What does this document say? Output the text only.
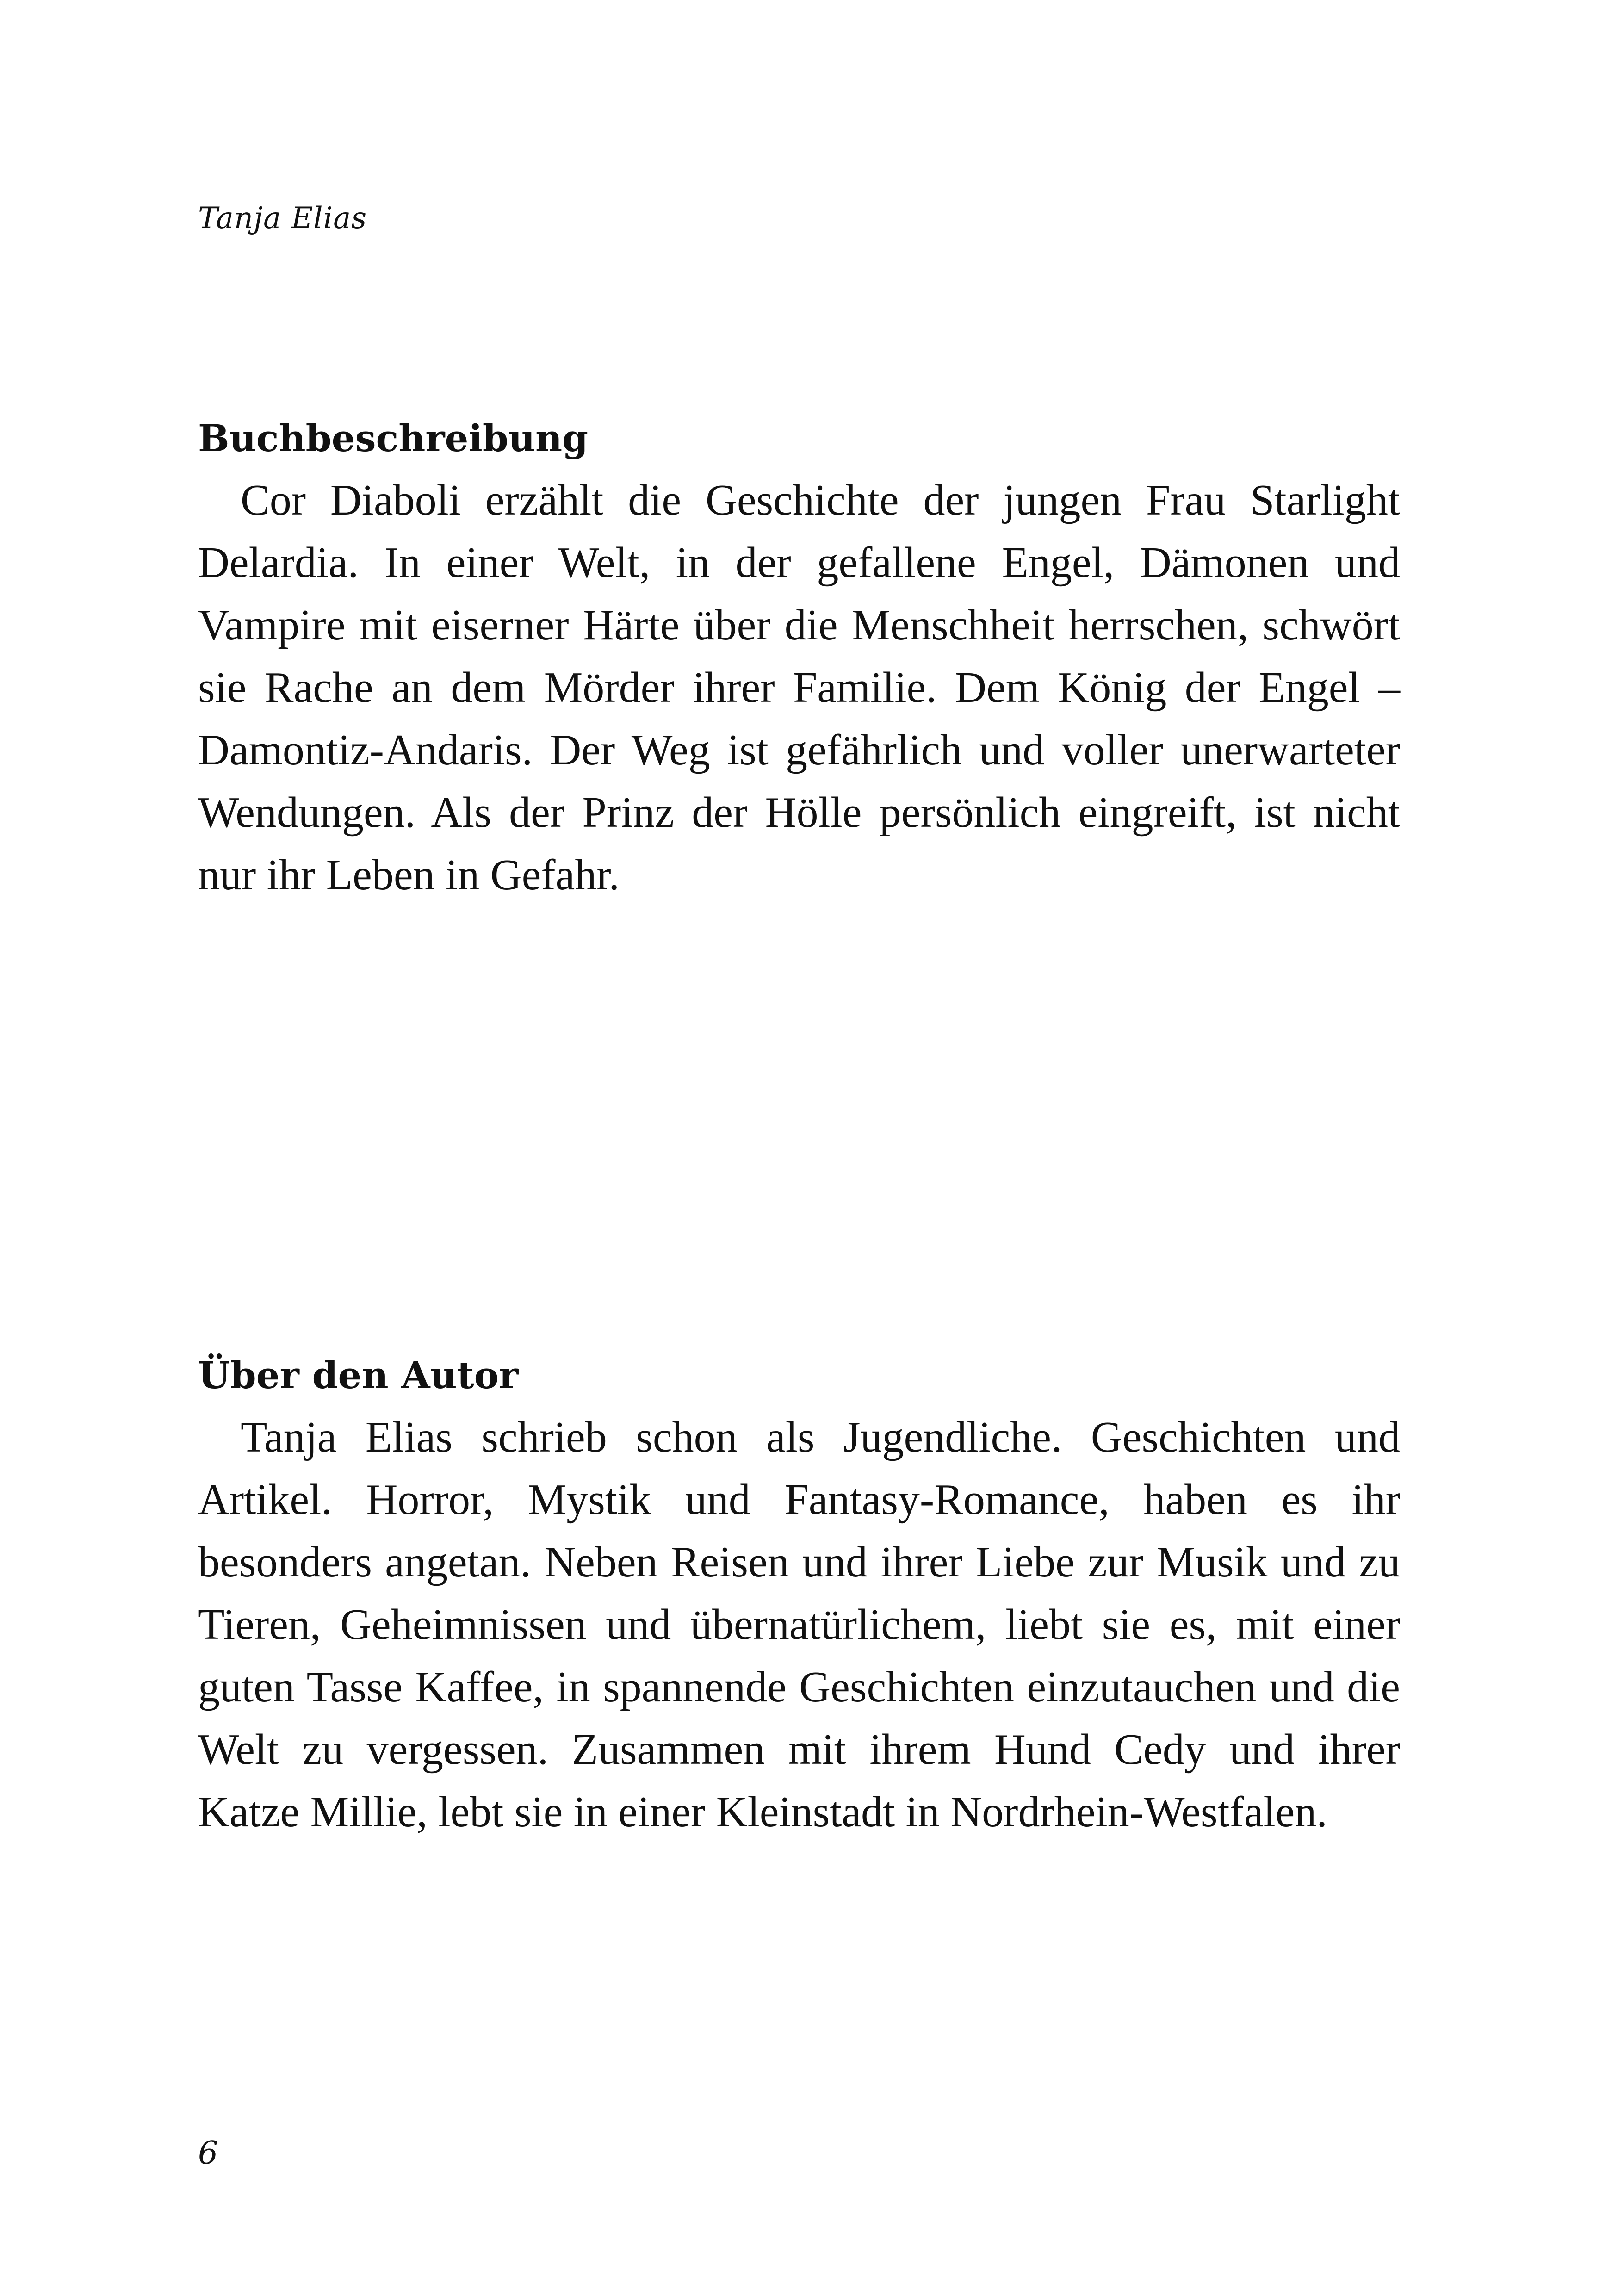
Tanja Elias
Buchbeschreibung

Cor Diaboli erzählt die Geschichte der jungen Frau Starlight Delardia. In einer Welt, in der gefallene Engel, Dämonen und Vampire mit eiserner Härte über die Menschheit herrschen, schwört sie Rache an dem Mörder ihrer Familie. Dem König der Engel – Damontiz-Andaris. Der Weg ist gefährlich und voller unerwarteter Wendungen. Als der Prinz der Hölle persönlich eingreift, ist nicht nur ihr Leben in Gefahr.

Über den Autor

Tanja Elias schrieb schon als Jugendliche. Geschichten und Artikel. Horror, Mystik und Fantasy-Romance, haben es ihr besonders angetan. Neben Reisen und ihrer Liebe zur Musik und zu Tieren, Geheimnissen und übernatürlichem, liebt sie es, mit einer guten Tasse Kaffee, in spannende Geschichten einzutauchen und die Welt zu vergessen. Zusammen mit ihrem Hund Cedy und ihrer Katze Millie, lebt sie in einer Kleinstadt in Nordrhein-Westfalen.

6
